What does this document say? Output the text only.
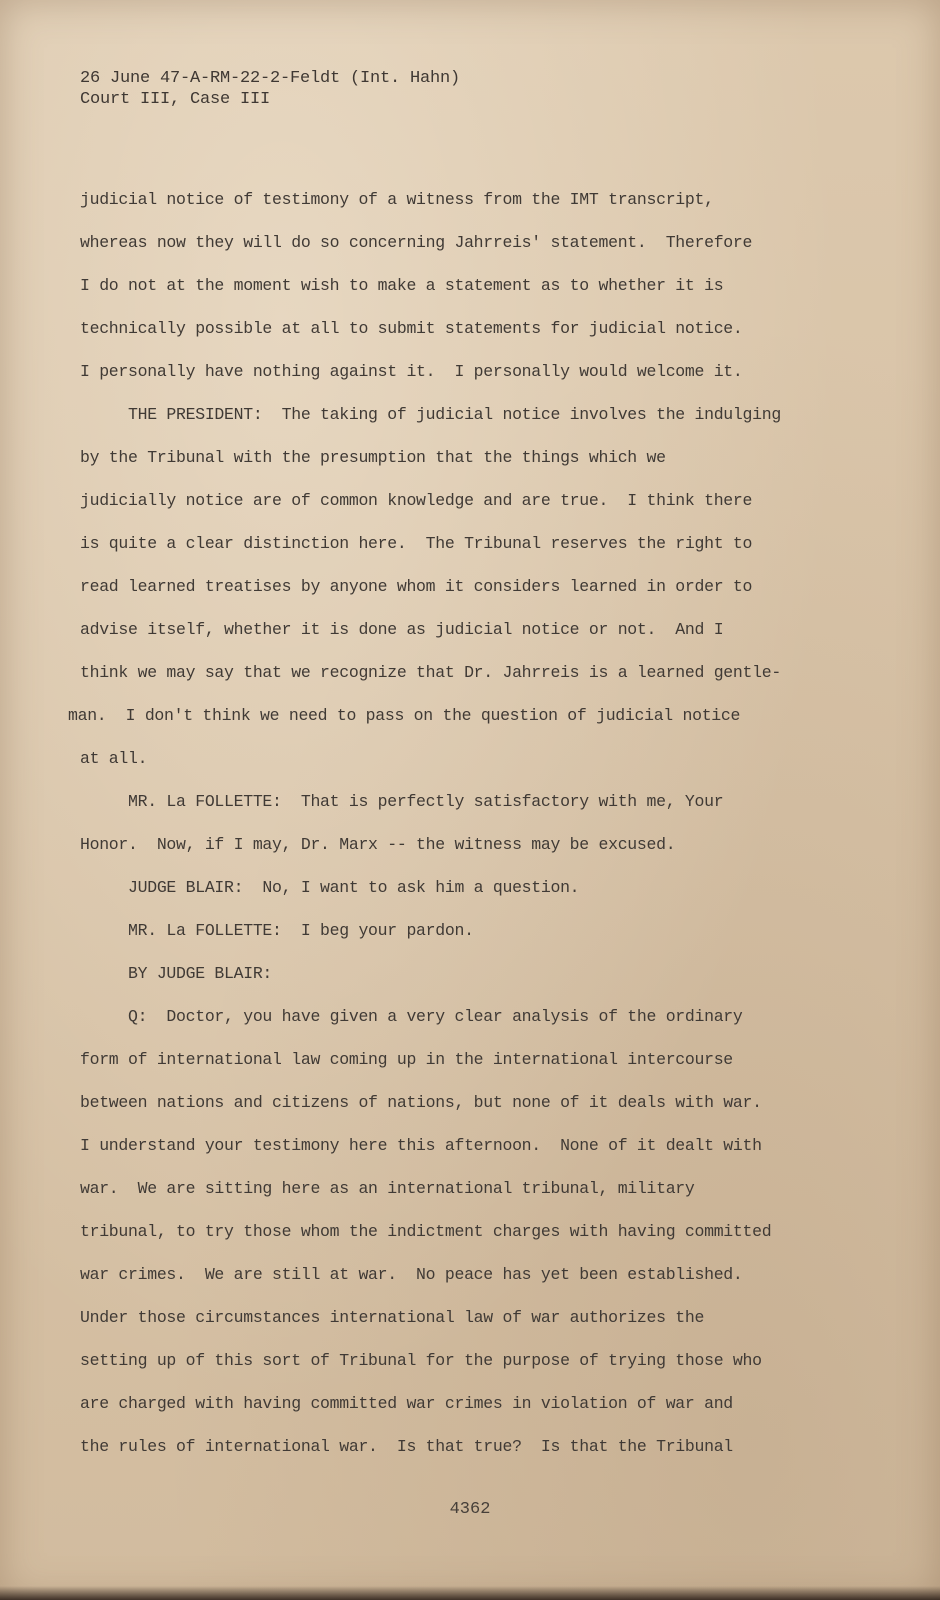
26 June 47-A-RM-22-2-Feldt (Int. Hahn)
Court III, Case III
judicial notice of testimony of a witness from the IMT transcript,
whereas now they will do so concerning Jahrreis' statement.  Therefore
I do not at the moment wish to make a statement as to whether it is
technically possible at all to submit statements for judicial notice.
I personally have nothing against it.  I personally would welcome it.
THE PRESIDENT:  The taking of judicial notice involves the indulging
by the Tribunal with the presumption that the things which we
judicially notice are of common knowledge and are true.  I think there
is quite a clear distinction here.  The Tribunal reserves the right to
read learned treatises by anyone whom it considers learned in order to
advise itself, whether it is done as judicial notice or not.  And I
think we may say that we recognize that Dr. Jahrreis is a learned gentle-
man.  I don't think we need to pass on the question of judicial notice
at all.
MR. La FOLLETTE:  That is perfectly satisfactory with me, Your
Honor.  Now, if I may, Dr. Marx -- the witness may be excused.
JUDGE BLAIR:  No, I want to ask him a question.
MR. La FOLLETTE:  I beg your pardon.
BY JUDGE BLAIR:
Q:  Doctor, you have given a very clear analysis of the ordinary
form of international law coming up in the international intercourse
between nations and citizens of nations, but none of it deals with war.
I understand your testimony here this afternoon.  None of it dealt with
war.  We are sitting here as an international tribunal, military
tribunal, to try those whom the indictment charges with having committed
war crimes.  We are still at war.  No peace has yet been established.
Under those circumstances international law of war authorizes the
setting up of this sort of Tribunal for the purpose of trying those who
are charged with having committed war crimes in violation of war and
the rules of international war.  Is that true?  Is that the Tribunal
4362
